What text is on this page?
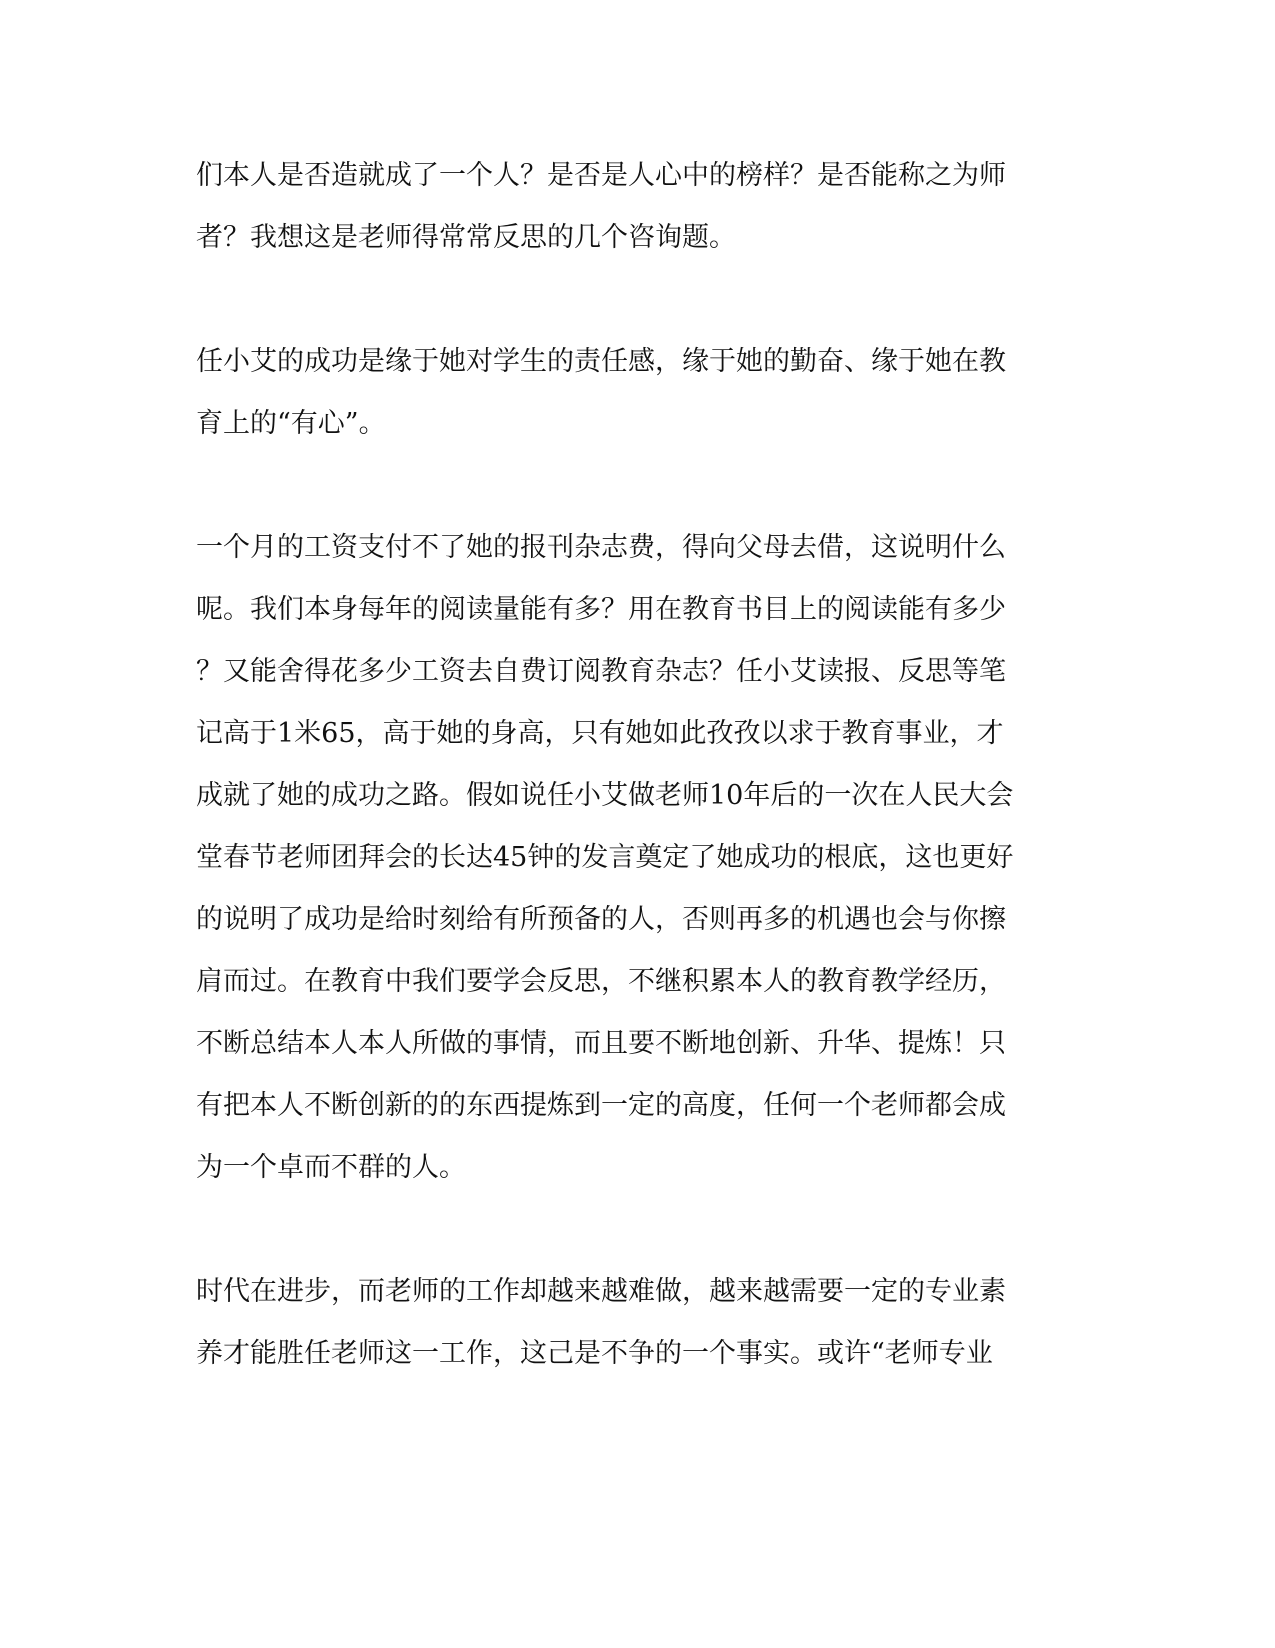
们本人是否造就成了一个人？是否是人心中的榜样？是否能称之为师
者？我想这是老师得常常反思的几个咨询题。
任小艾的成功是缘于她对学生的责任感，缘于她的勤奋、缘于她在教
育上的“有心”。
一个月的工资支付不了她的报刊杂志费，得向父母去借，这说明什么
呢。我们本身每年的阅读量能有多？用在教育书目上的阅读能有多少
？又能舍得花多少工资去自费订阅教育杂志？任小艾读报、反思等笔
记高于1米65，高于她的身高，只有她如此孜孜以求于教育事业，才
成就了她的成功之路。假如说任小艾做老师10年后的一次在人民大会
堂春节老师团拜会的长达45钟的发言奠定了她成功的根底，这也更好
的说明了成功是给时刻给有所预备的人，否则再多的机遇也会与你擦
肩而过。在教育中我们要学会反思，不继积累本人的教育教学经历，
不断总结本人本人所做的事情，而且要不断地创新、升华、提炼！只
有把本人不断创新的的东西提炼到一定的高度，任何一个老师都会成
为一个卓而不群的人。
时代在进步，而老师的工作却越来越难做，越来越需要一定的专业素
养才能胜任老师这一工作，这己是不争的一个事实。或许“老师专业
